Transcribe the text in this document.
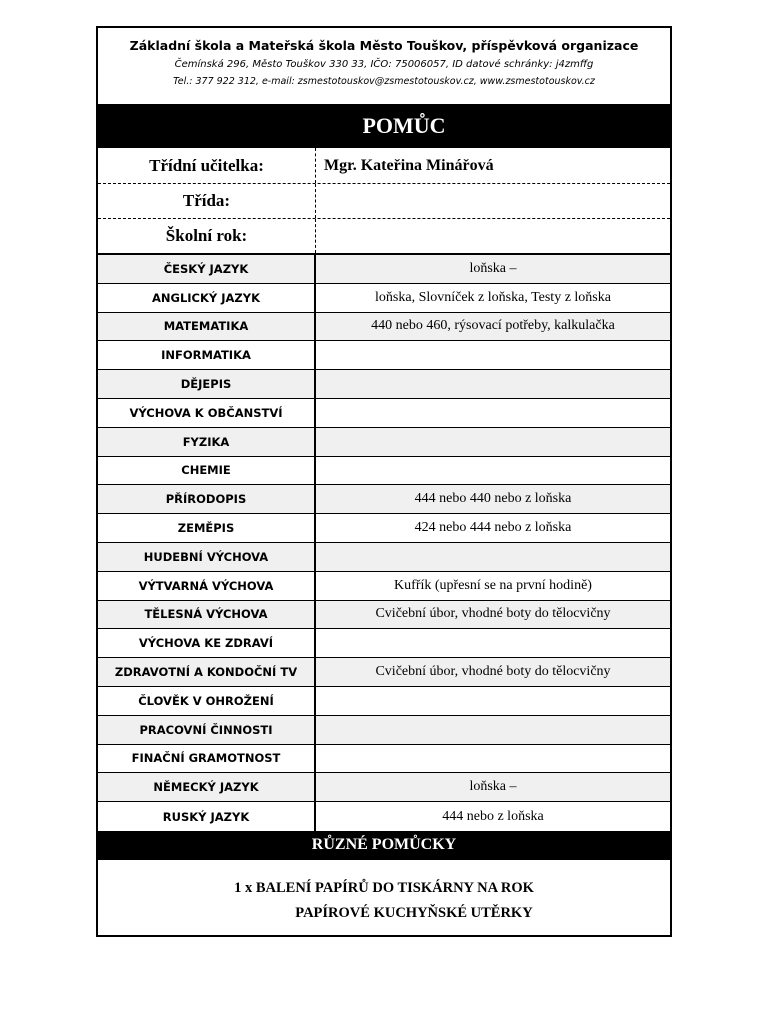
Základní škola a Mateřská škola Město Touškov, příspěvková organizace
Čemínská 296, Město Touškov 330 33, IČO: 75006057, ID datové schránky: j4zmffg
Tel.: 377 922 312, e-mail: zsmestotouskov@zsmestotouskov.cz, www.zsmestotouskov.cz
POMŮC
Třídní učitelka:	Mgr. Kateřina Minářová
Třída:
Školní rok:
ČESKÝ JAZYK	loňska –
ANGLICKÝ JAZYK	loňska, Slovníček z loňska, Testy z loňska
MATEMATIKA	440 nebo 460, rýsovací potřeby, kalkulačka
INFORMATIKA
DĚJEPIS
VÝCHOVA K OBČANSTVÍ
FYZIKA
CHEMIE
PŘÍRODOPIS	444 nebo 440 nebo z loňska
ZEMĚPIS	424 nebo 444 nebo z loňska
HUDEBNÍ VÝCHOVA
VÝTVARNÁ VÝCHOVA	Kufřík (upřesní se na první hodině)
TĚLESNÁ VÝCHOVA	Cvičební úbor, vhodné boty do tělocvičny
VÝCHOVA KE ZDRAVÍ
ZDRAVOTNÍ A KONDOČNÍ TV	Cvičební úbor, vhodné boty do tělocvičny
ČLOVĚK V OHROŽENÍ
PRACOVNÍ ČINNOSTI
FINAČNÍ GRAMOTNOST
NĚMECKÝ JAZYK	loňska –
RUSKÝ JAZYK	444 nebo z loňska
RŮZNÉ POMŮCKY
1 x BALENÍ PAPÍRŮ DO TISKÁRNY NA ROK
PAPÍROVÉ KUCHYŇSKÉ UTĚRKY
